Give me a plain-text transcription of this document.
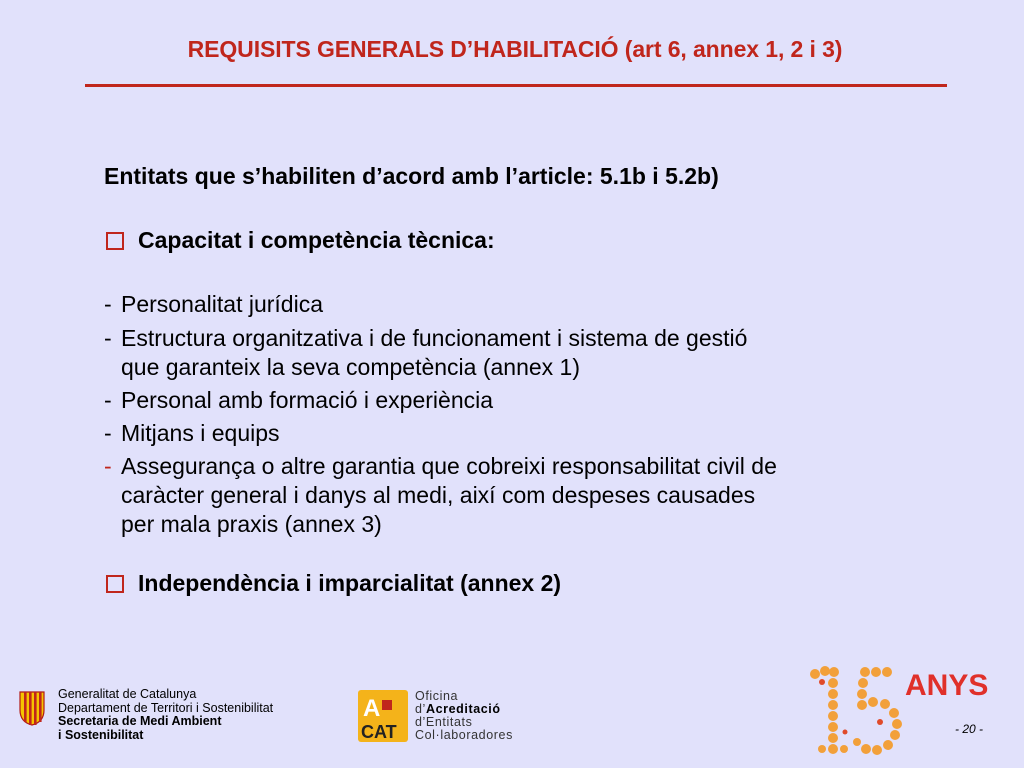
REQUISITS GENERALS D’HABILITACIÓ (art 6, annex 1, 2 i 3)

Entitats que s’habiliten d’acord amb l’article: 5.1b i 5.2b)

Capacitat i competència tècnica:

- Personalitat jurídica
- Estructura organitzativa i de funcionament i sistema de gestió
que garanteix la seva competència (annex 1)
- Personal amb formació i experiència
- Mitjans i equips
- Assegurança o altre garantia que cobreixi responsabilitat civil de
caràcter general i danys al medi, així com despeses causades
per mala praxis (annex 3)

Independència i imparcialitat (annex 2)

Generalitat de Catalunya
Departament de Territori i Sostenibilitat
Secretaria de Medi Ambient
i Sostenibilitat
A
CAT
Oficina
d’Acreditació
d’Entitats
Col·laboradores
ANYS
- 20 -
